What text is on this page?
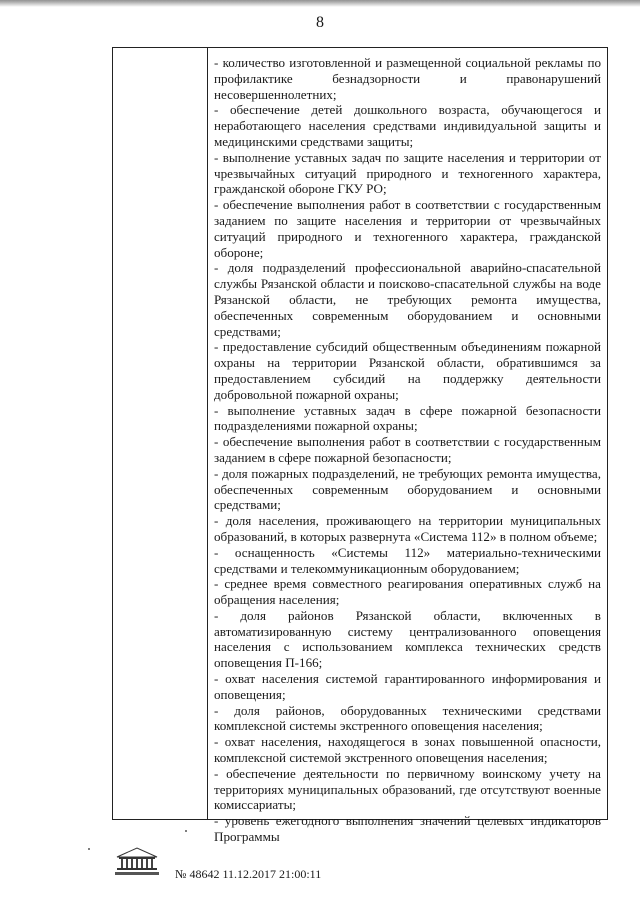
8

- количество изготовленной и размещенной социальной рекламы по профилактике безнадзорности и правонарушений несовершеннолетних;

- обеспечение детей дошкольного возраста, обучающегося и неработающего населения средствами индивидуальной защиты и медицинскими средствами защиты;

- выполнение уставных задач по защите населения и территории от чрезвычайных ситуаций природного и техногенного характера, гражданской обороне ГКУ РО;

- обеспечение выполнения работ в соответствии с государственным заданием по защите населения и территории от чрезвычайных ситуаций природного и техногенного характера, гражданской обороне;

- доля подразделений профессиональной аварийно-спасательной службы Рязанской области и поисково-спасательной службы на воде Рязанской области, не требующих ремонта имущества, обеспеченных современным оборудованием и основными средствами;

- предоставление субсидий общественным объединениям пожарной охраны на территории Рязанской области, обратившимся за предоставлением субсидий на поддержку деятельности добровольной пожарной охраны;

- выполнение уставных задач в сфере пожарной безопасности подразделениями пожарной охраны;

- обеспечение выполнения работ в соответствии с государственным заданием в сфере пожарной безопасности;

- доля пожарных подразделений, не требующих ремонта имущества, обеспеченных современным оборудованием и основными средствами;

- доля населения, проживающего на территории муниципальных образований, в которых развернута «Система 112» в полном объеме;

- оснащенность «Системы 112» материально-техническими средствами и телекоммуникационным оборудованием;

- среднее время совместного реагирования оперативных служб на обращения населения;

- доля районов Рязанской области, включенных в автоматизированную систему централизованного оповещения населения с использованием комплекса технических средств оповещения П-166;

- охват населения системой гарантированного информирования и оповещения;

- доля районов, оборудованных техническими средствами комплексной системы экстренного оповещения населения;

- охват населения, находящегося в зонах повышенной опасности, комплексной системой экстренного оповещения населения;

- обеспечение деятельности по первичному воинскому учету на территориях муниципальных образований, где отсутствуют военные комиссариаты;

- уровень ежегодного выполнения значений целевых индикаторов Программы

№ 48642 11.12.2017 21:00:11
